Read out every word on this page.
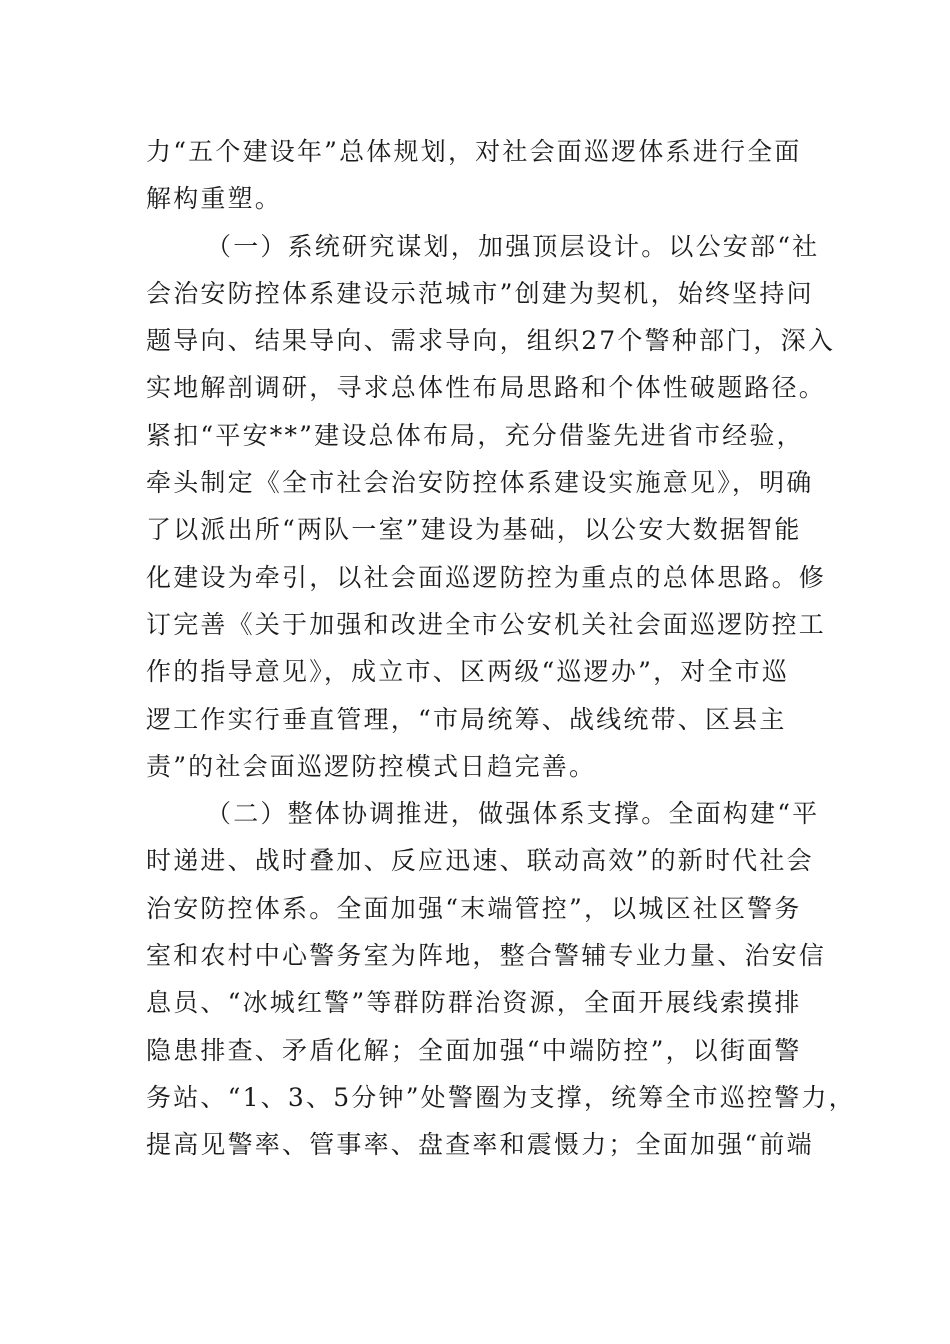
力“五个建设年”总体规划，对社会面巡逻体系进行全面
解构重塑。
（一）系统研究谋划，加强顶层设计。以公安部“社
会治安防控体系建设示范城市”创建为契机，始终坚持问
题导向、结果导向、需求导向，组织27个警种部门，深入
实地解剖调研，寻求总体性布局思路和个体性破题路径。
紧扣“平安**”建设总体布局，充分借鉴先进省市经验，
牵头制定《全市社会治安防控体系建设实施意见》，明确
了以派出所“两队一室”建设为基础，以公安大数据智能
化建设为牵引，以社会面巡逻防控为重点的总体思路。修
订完善《关于加强和改进全市公安机关社会面巡逻防控工
作的指导意见》，成立市、区两级“巡逻办”，对全市巡
逻工作实行垂直管理，“市局统筹、战线统带、区县主
责”的社会面巡逻防控模式日趋完善。
（二）整体协调推进，做强体系支撑。全面构建“平
时递进、战时叠加、反应迅速、联动高效”的新时代社会
治安防控体系。全面加强“末端管控”，以城区社区警务
室和农村中心警务室为阵地，整合警辅专业力量、治安信
息员、“冰城红警”等群防群治资源，全面开展线索摸排
隐患排查、矛盾化解；全面加强“中端防控”，以街面警
务站、“1、3、5分钟”处警圈为支撑，统筹全市巡控警力，
提高见警率、管事率、盘查率和震慑力；全面加强“前端
